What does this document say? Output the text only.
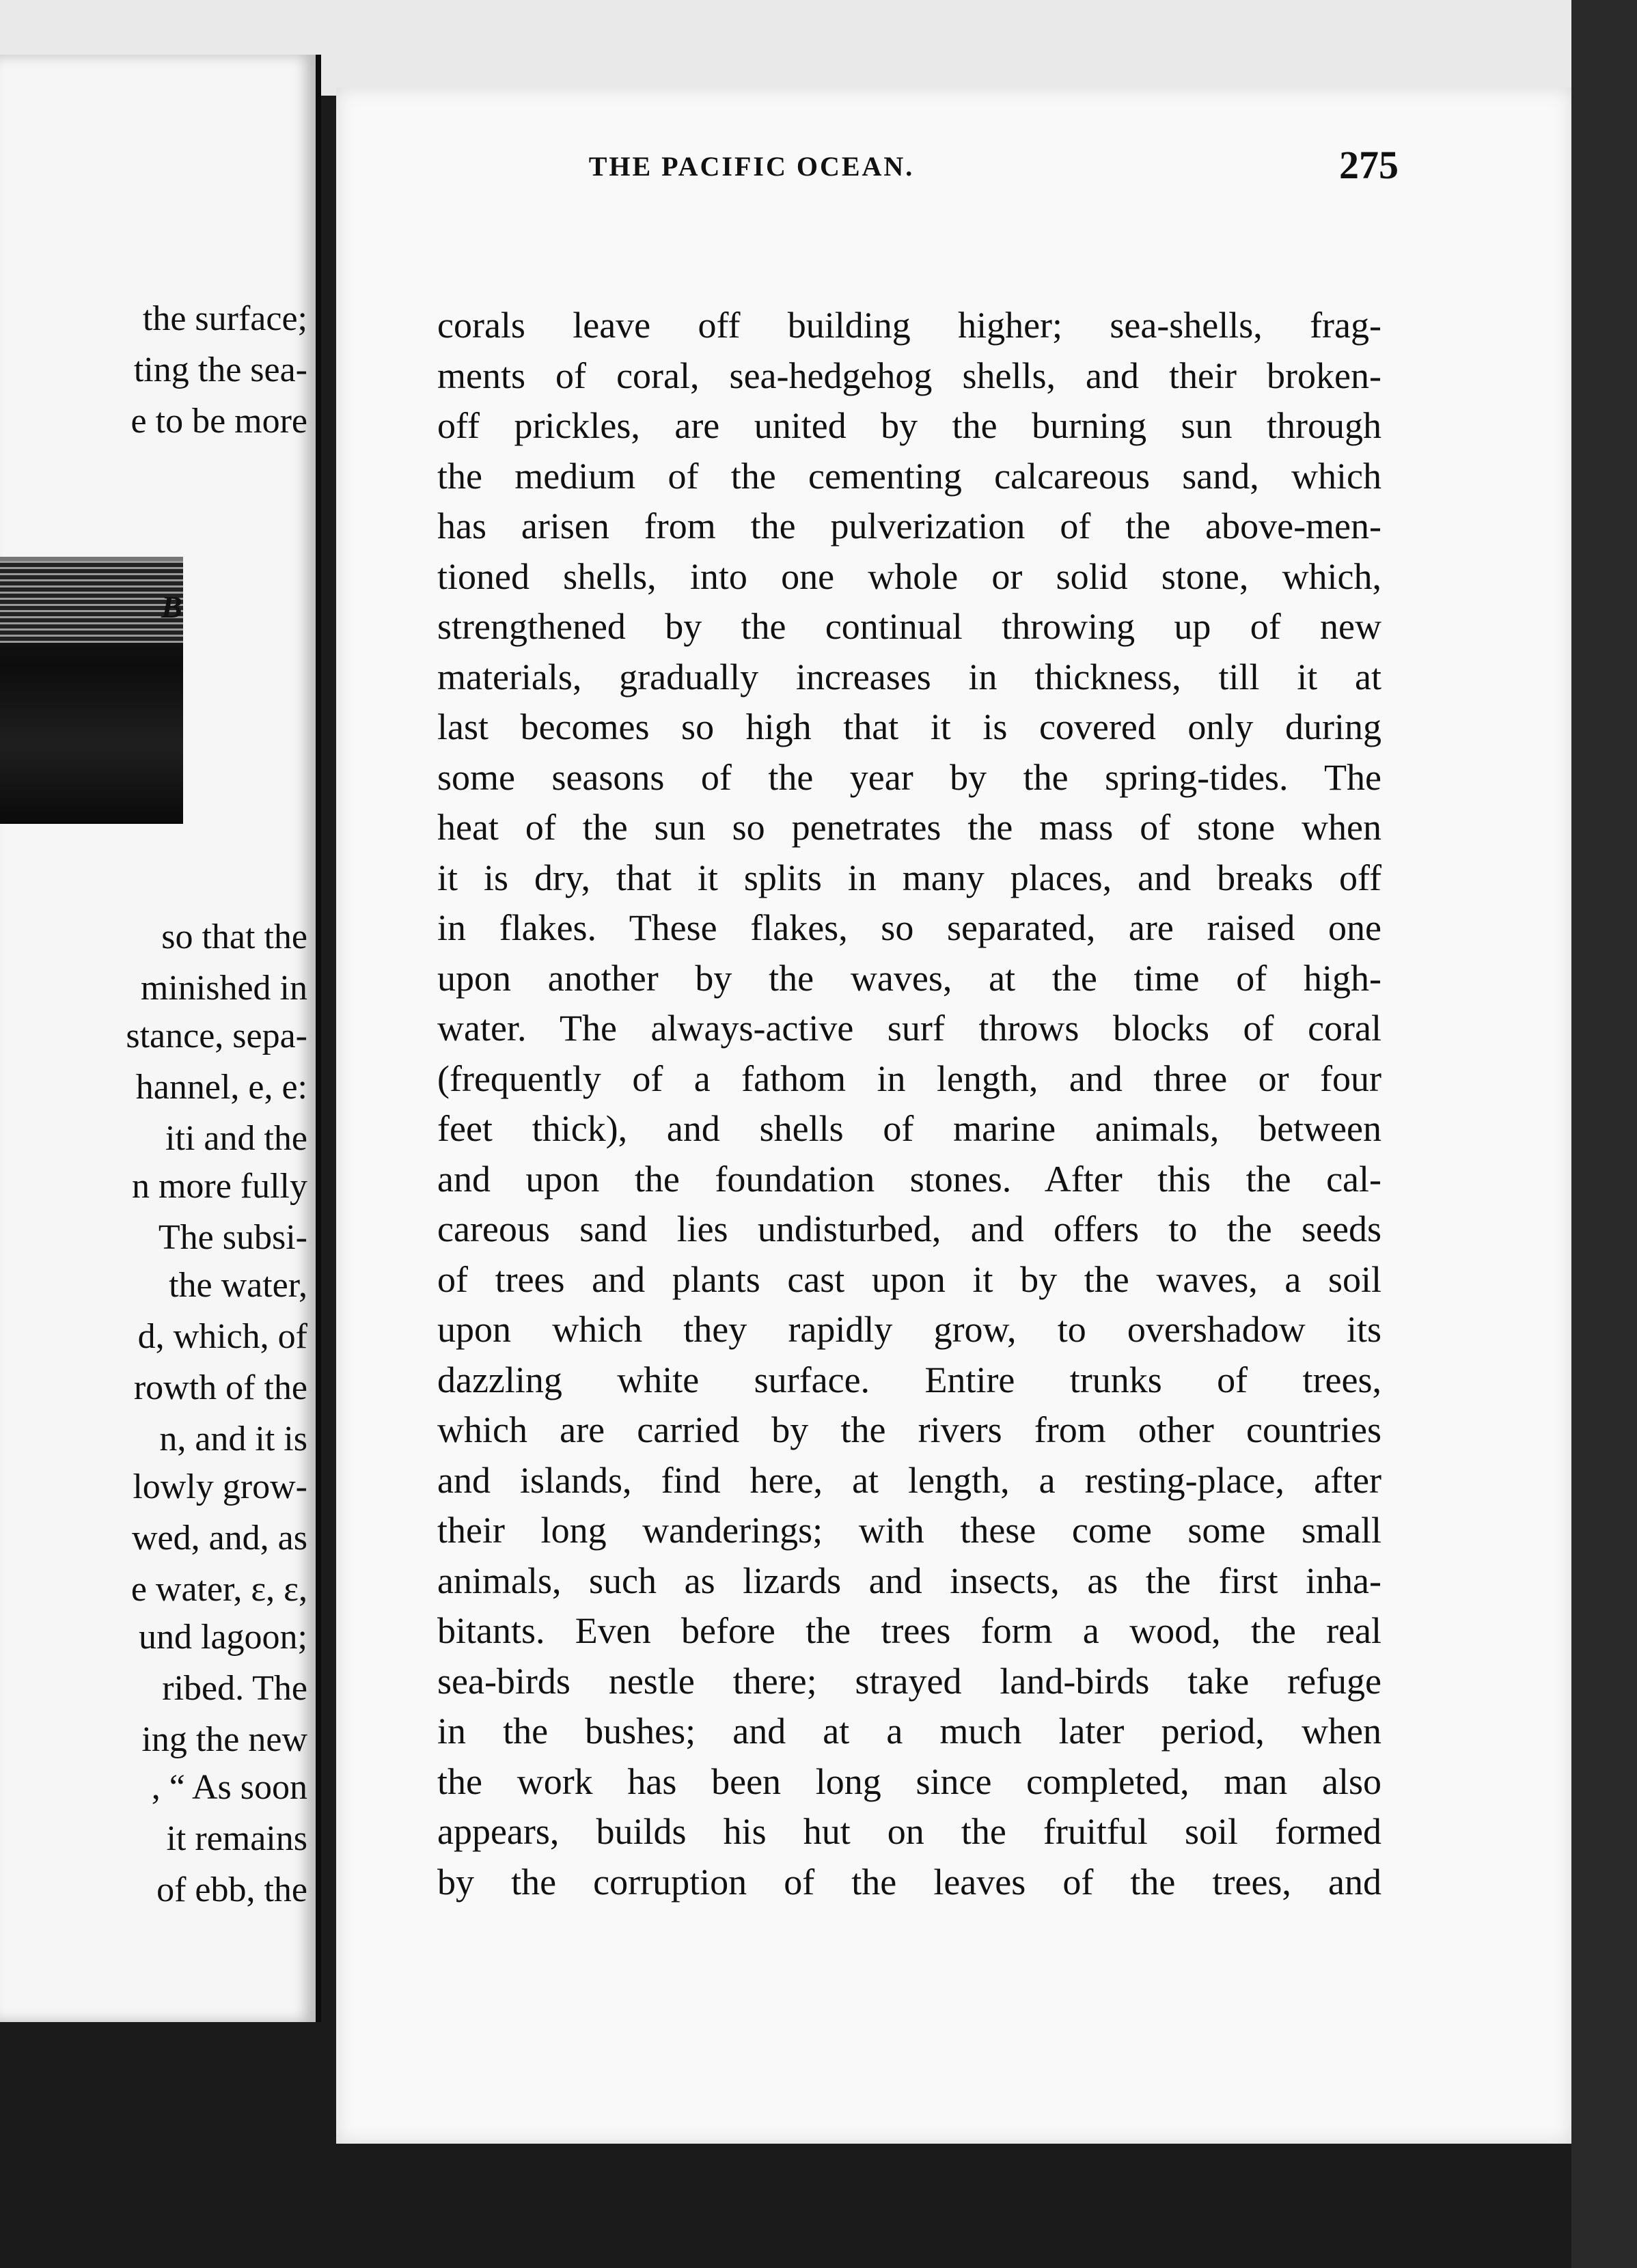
the surface;
ting the sea-
e to be more
so that the
minished in
stance, sepa-
hannel, e, e:
iti and the
n more fully
The subsi-
the water,
d, which, of
rowth of the
n, and it is
lowly grow-
wed, and, as
e water, ε, ε,
und lagoon;
ribed. The
ing the new
, “ As soon
it remains
of ebb, the
B
THE PACIFIC OCEAN.	275
corals leave off building higher; sea-shells, frag-
ments of coral, sea-hedgehog shells, and their broken-
off prickles, are united by the burning sun through
the medium of the cementing calcareous sand, which
has arisen from the pulverization of the above-men-
tioned shells, into one whole or solid stone, which,
strengthened by the continual throwing up of new
materials, gradually increases in thickness, till it at
last becomes so high that it is covered only during
some seasons of the year by the spring-tides. The
heat of the sun so penetrates the mass of stone when
it is dry, that it splits in many places, and breaks off
in flakes. These flakes, so separated, are raised one
upon another by the waves, at the time of high-
water. The always-active surf throws blocks of coral
(frequently of a fathom in length, and three or four
feet thick), and shells of marine animals, between
and upon the foundation stones. After this the cal-
careous sand lies undisturbed, and offers to the seeds
of trees and plants cast upon it by the waves, a soil
upon which they rapidly grow, to overshadow its
dazzling white surface. Entire trunks of trees,
which are carried by the rivers from other countries
and islands, find here, at length, a resting-place, after
their long wanderings; with these come some small
animals, such as lizards and insects, as the first inha-
bitants. Even before the trees form a wood, the real
sea-birds nestle there; strayed land-birds take refuge
in the bushes; and at a much later period, when
the work has been long since completed, man also
appears, builds his hut on the fruitful soil formed
by the corruption of the leaves of the trees, and
